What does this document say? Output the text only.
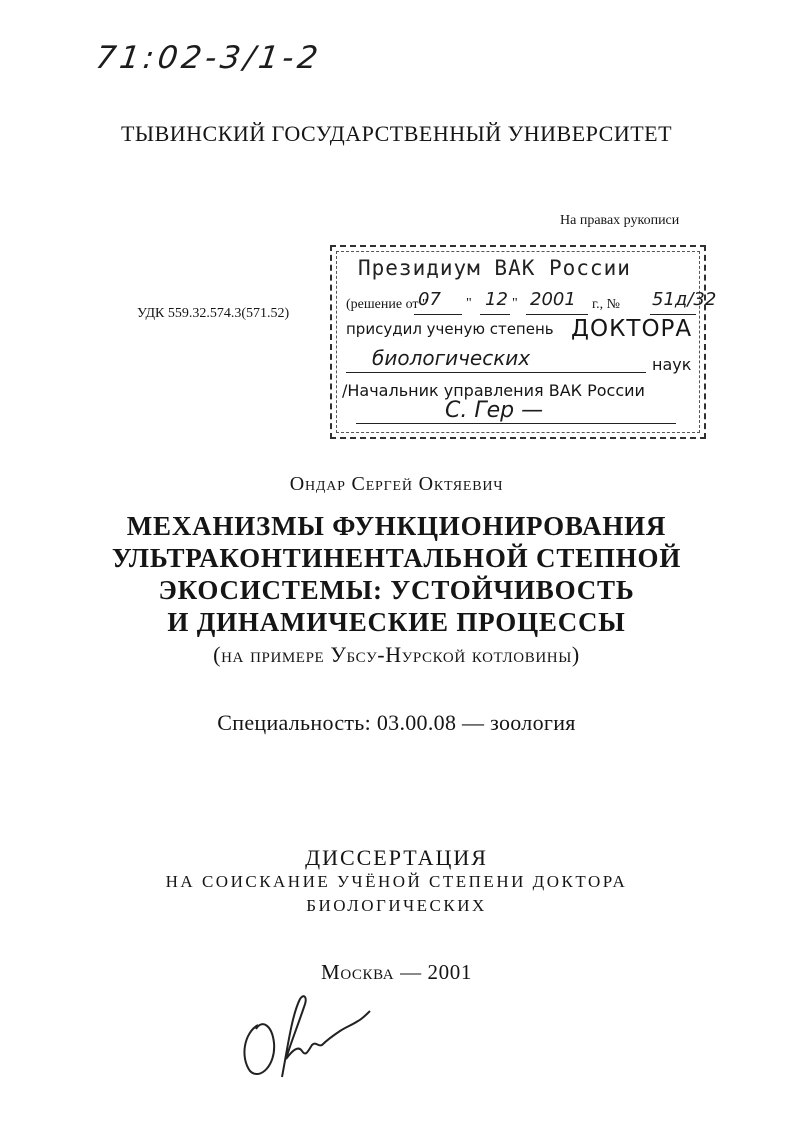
71:02-3/1-2
ТЫВИНСКИЙ ГОСУДАРСТВЕННЫЙ УНИВЕРСИТЕТ
На правах рукописи
УДК 559.32.574.3(571.52)
Президиум ВАК России
(решение от "
07 " 12 " 2001 г., № 51д/32
присудил ученую степень ДОКТОРА
биологических	наук
/Начальник управления ВАК России
С. Гер —
Ондар Сергей Октяевич
МЕХАНИЗМЫ ФУНКЦИОНИРОВАНИЯ
УЛЬТРАКОНТИНЕНТАЛЬНОЙ СТЕПНОЙ
ЭКОСИСТЕМЫ: УСТОЙЧИВОСТЬ
И ДИНАМИЧЕСКИЕ ПРОЦЕССЫ
(на примере Убсу-Нурской котловины)
Специальность: 03.00.08 — зоология
ДИССЕРТАЦИЯ
НА СОИСКАНИЕ УЧЁНОЙ СТЕПЕНИ ДОКТОРА
БИОЛОГИЧЕСКИХ
Москва — 2001
